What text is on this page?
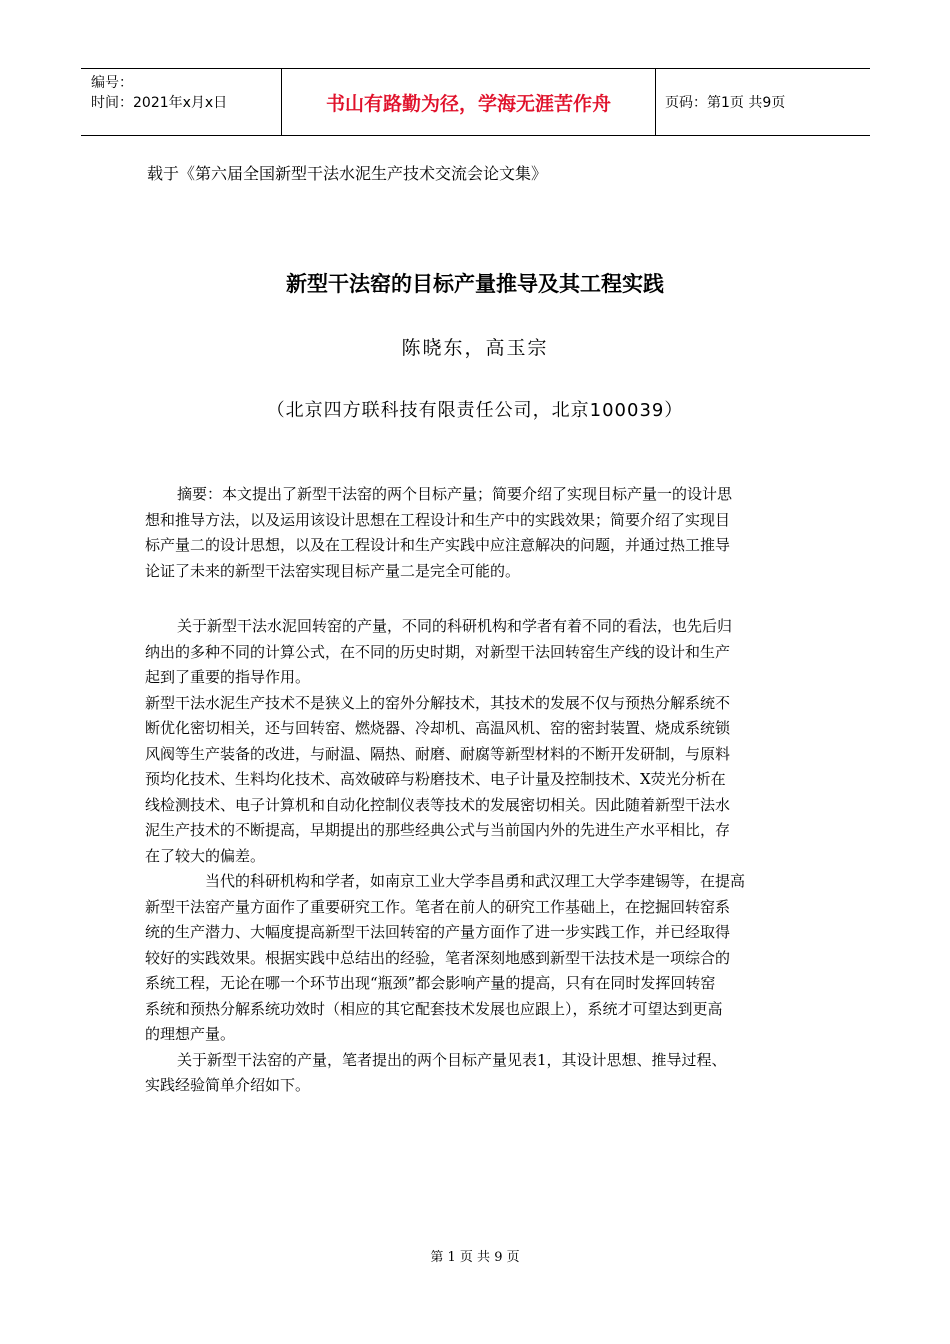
编号：
时间：2021年x月x日	书山有路勤为径，学海无涯苦作舟	页码：第1页 共9页
载于《第六届全国新型干法水泥生产技术交流会论文集》
新型干法窑的目标产量推导及其工程实践
陈晓东，高玉宗
（北京四方联科技有限责任公司，北京100039）
摘要：本文提出了新型干法窑的两个目标产量；简要介绍了实现目标产量一的设计思
想和推导方法，以及运用该设计思想在工程设计和生产中的实践效果；简要介绍了实现目
标产量二的设计思想，以及在工程设计和生产实践中应注意解决的问题，并通过热工推导
论证了未来的新型干法窑实现目标产量二是完全可能的。
关于新型干法水泥回转窑的产量，不同的科研机构和学者有着不同的看法，也先后归
纳出的多种不同的计算公式，在不同的历史时期，对新型干法回转窑生产线的设计和生产
起到了重要的指导作用。
新型干法水泥生产技术不是狭义上的窑外分解技术，其技术的发展不仅与预热分解系统不
断优化密切相关，还与回转窑、燃烧器、冷却机、高温风机、窑的密封装置、烧成系统锁
风阀等生产装备的改进，与耐温、隔热、耐磨、耐腐等新型材料的不断开发研制，与原料
预均化技术、生料均化技术、高效破碎与粉磨技术、电子计量及控制技术、X荧光分析在
线检测技术、电子计算机和自动化控制仪表等技术的发展密切相关。因此随着新型干法水
泥生产技术的不断提高，早期提出的那些经典公式与当前国内外的先进生产水平相比，存
在了较大的偏差。
当代的科研机构和学者，如南京工业大学李昌勇和武汉理工大学李建锡等，在提高
新型干法窑产量方面作了重要研究工作。笔者在前人的研究工作基础上，在挖掘回转窑系
统的生产潜力、大幅度提高新型干法回转窑的产量方面作了进一步实践工作，并已经取得
较好的实践效果。根据实践中总结出的经验，笔者深刻地感到新型干法技术是一项综合的
系统工程，无论在哪一个环节出现“瓶颈”都会影响产量的提高，只有在同时发挥回转窑
系统和预热分解系统功效时（相应的其它配套技术发展也应跟上），系统才可望达到更高
的理想产量。
关于新型干法窑的产量，笔者提出的两个目标产量见表1，其设计思想、推导过程、
实践经验简单介绍如下。
第 1 页 共 9 页
